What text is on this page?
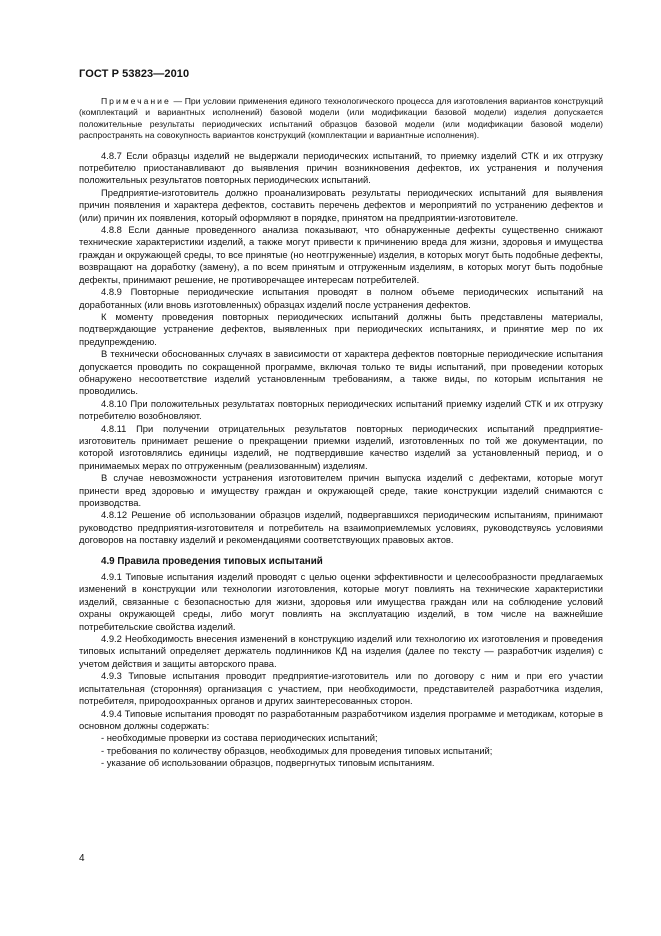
ГОСТ Р 53823—2010

Примечание — При условии применения единого технологического процесса для изготовления вариантов конструкций (комплектаций и вариантных исполнений) базовой модели (или модификации базовой модели) изделия допускается положительные результаты периодических испытаний образцов базовой модели (или модификации базовой модели) распространять на совокупность вариантов конструкций (комплектации и вариантные исполнения).

4.8.7 Если образцы изделий не выдержали периодических испытаний, то приемку изделий СТК и их отгрузку потребителю приостанавливают до выявления причин возникновения дефектов, их устранения и получения положительных результатов повторных периодических испытаний.

Предприятие-изготовитель должно проанализировать результаты периодических испытаний для выявления причин появления и характера дефектов, составить перечень дефектов и мероприятий по устранению дефектов и (или) причин их появления, который оформляют в порядке, принятом на предприятии-изготовителе.

4.8.8 Если данные проведенного анализа показывают, что обнаруженные дефекты существенно снижают технические характеристики изделий, а также могут привести к причинению вреда для жизни, здоровья и имущества граждан и окружающей среды, то все принятые (но неотгруженные) изделия, в которых могут быть подобные дефекты, возвращают на доработку (замену), а по всем принятым и отгруженным изделиям, в которых могут быть подобные дефекты, принимают решение, не противоречащее интересам потребителей.

4.8.9 Повторные периодические испытания проводят в полном объеме периодических испытаний на доработанных (или вновь изготовленных) образцах изделий после устранения дефектов.

К моменту проведения повторных периодических испытаний должны быть представлены материалы, подтверждающие устранение дефектов, выявленных при периодических испытаниях, и принятие мер по их предупреждению.

В технически обоснованных случаях в зависимости от характера дефектов повторные периодические испытания допускается проводить по сокращенной программе, включая только те виды испытаний, при проведении которых обнаружено несоответствие изделий установленным требованиям, а также виды, по которым испытания не проводились.

4.8.10 При положительных результатах повторных периодических испытаний приемку изделий СТК и их отгрузку потребителю возобновляют.

4.8.11 При получении отрицательных результатов повторных периодических испытаний предприятие-изготовитель принимает решение о прекращении приемки изделий, изготовленных по той же документации, по которой изготовлялись единицы изделий, не подтвердившие качество изделий за установленный период, и о принимаемых мерах по отгруженным (реализованным) изделиям.

В случае невозможности устранения изготовителем причин выпуска изделий с дефектами, которые могут принести вред здоровью и имуществу граждан и окружающей среде, такие конструкции изделий снимаются с производства.

4.8.12 Решение об использовании образцов изделий, подвергавшихся периодическим испытаниям, принимают руководство предприятия-изготовителя и потребитель на взаимоприемлемых условиях, руководствуясь условиями договоров на поставку изделий и рекомендациями соответствующих правовых актов.

4.9 Правила проведения типовых испытаний

4.9.1 Типовые испытания изделий проводят с целью оценки эффективности и целесообразности предлагаемых изменений в конструкции или технологии изготовления, которые могут повлиять на технические характеристики изделий, связанные с безопасностью для жизни, здоровья или имущества граждан или на соблюдение условий охраны окружающей среды, либо могут повлиять на эксплуатацию изделий, в том числе на важнейшие потребительские свойства изделий.

4.9.2 Необходимость внесения изменений в конструкцию изделий или технологию их изготовления и проведения типовых испытаний определяет держатель подлинников КД на изделия (далее по тексту — разработчик изделия) с учетом действия и защиты авторского права.

4.9.3 Типовые испытания проводит предприятие-изготовитель или по договору с ним и при его участии испытательная (сторонняя) организация с участием, при необходимости, представителей разработчика изделия, потребителя, природоохранных органов и других заинтересованных сторон.

4.9.4 Типовые испытания проводят по разработанным разработчиком изделия программе и методикам, которые в основном должны содержать:

- необходимые проверки из состава периодических испытаний;
- требования по количеству образцов, необходимых для проведения типовых испытаний;
- указание об использовании образцов, подвергнутых типовым испытаниям.
4
